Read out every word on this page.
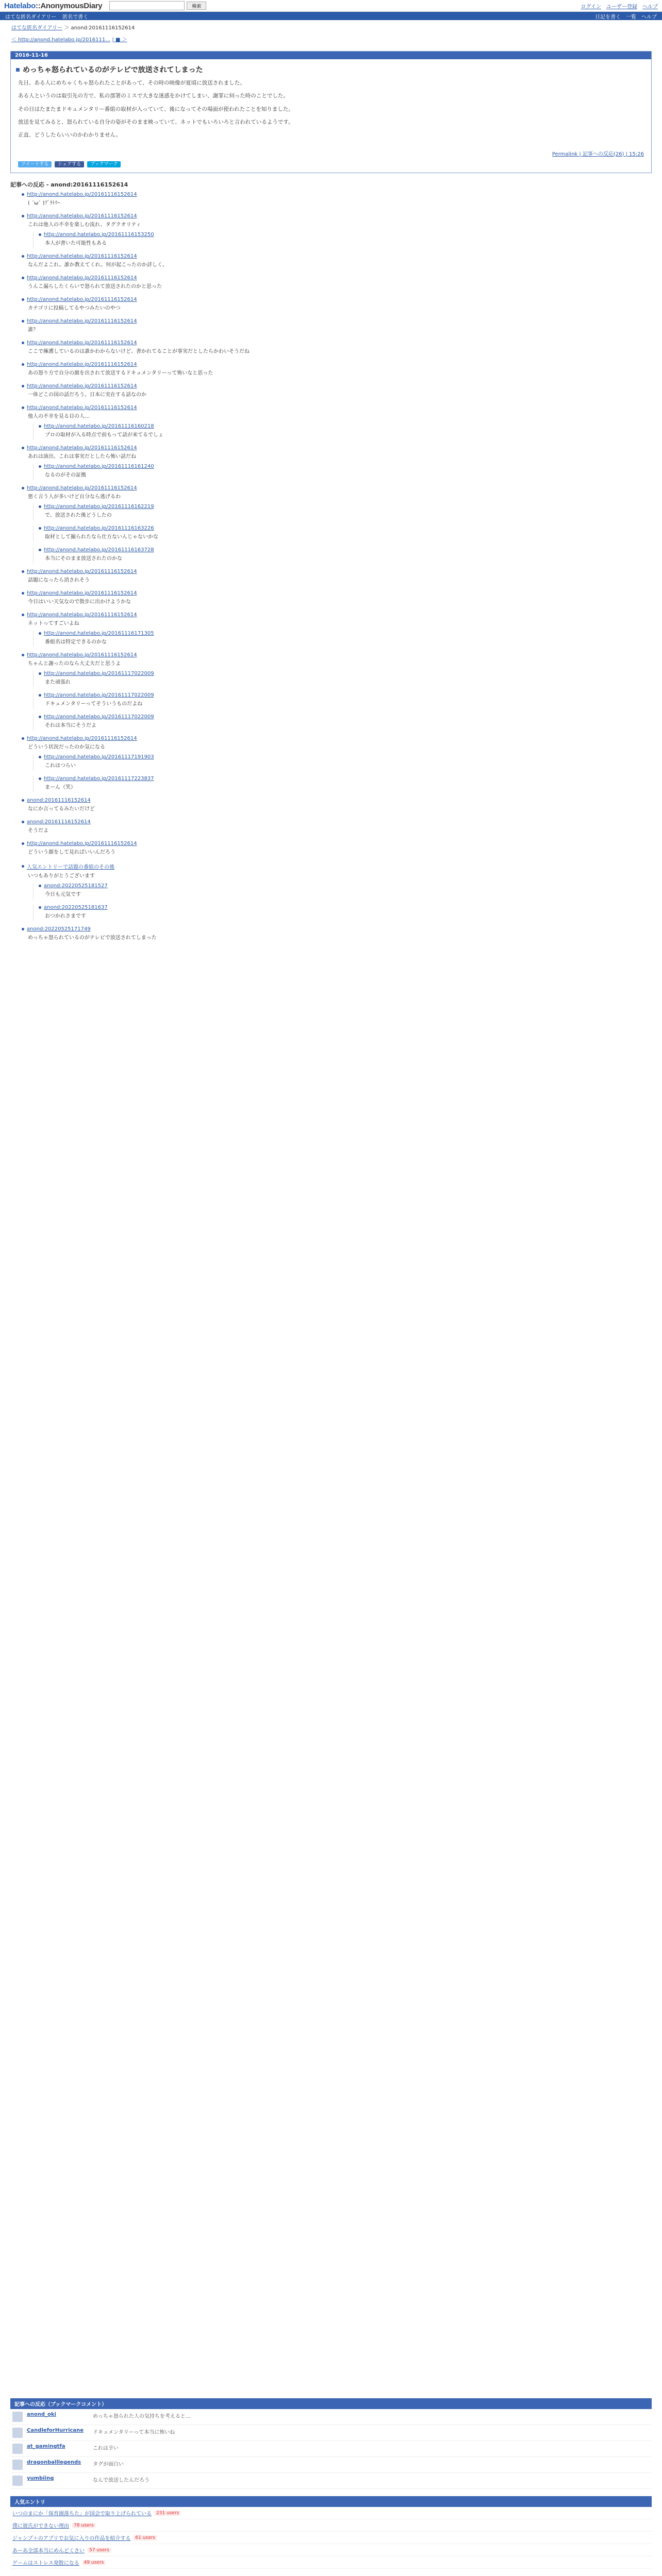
Hatelabo::AnonymousDiary	検索	ログイン ユーザー登録 ヘルプ
はてな匿名ダイアリー 匿名で書く	日記を書く 一覧 ヘルプ
はてな匿名ダイアリー ＞ anond:20161116152614
＜ http://anond.hatelabo.jp/2016111… | ■ ＞
2016-11-16
めっちゃ怒られているのがテレビで放送されてしまった

先日、ある人にめちゃくちゃ怒られたことがあって、その時の映像が夏頃に放送されました。

ある人というのは取引先の方で、私の部署のミスで大きな迷惑をかけてしまい、謝罪に伺った時のことでした。

その日はたまたまドキュメンタリー番組の取材が入っていて、後になってその場面が使われたことを知りました。

放送を見てみると、怒られている自分の姿がそのまま映っていて、ネットでもいろいろと言われているようです。

正直、どうしたらいいのかわかりません。

Permalink | 記事への反応(26) | 15:26
ツイートする	シェアする	ブックマーク
記事への反応 - anond:20161116152614
http://anond.hatelabo.jp/20161116152614
( ´ω` )ﾌﾞﾗﾄﾘｰ
http://anond.hatelabo.jp/20161116152614
これは他人の不幸を楽しむ流れ、タグクオリティ
http://anond.hatelabo.jp/20161116153250
本人が書いた可能性もある
http://anond.hatelabo.jp/20161116152614
なんだよこれ。誰か教えてくれ。何が起こったのか詳しく。
http://anond.hatelabo.jp/20161116152614
うんこ漏らしたくらいで怒られて放送されたのかと思った
http://anond.hatelabo.jp/20161116152614
カテゴリに投稿してるやつみたいのやつ
http://anond.hatelabo.jp/20161116152614
誰？
http://anond.hatelabo.jp/20161116152614
ここで擁護しているのは誰かわからないけど、書かれてることが事実だとしたらかわいそうだね
http://anond.hatelabo.jp/20161116152614
あの怒り方で自分の顔を出されて放送するドキュメンタリーって怖いなと思った
http://anond.hatelabo.jp/20161116152614
一体どこの国の話だろう。日本に実在する話なのか
http://anond.hatelabo.jp/20161116152614
他人の不幸を見る目の人…
http://anond.hatelabo.jp/20161116160218
プロの取材が入る時点で前もって話が来てるでしょ
http://anond.hatelabo.jp/20161116152614
あれは演出、これは事実だとしたら怖い話だね
http://anond.hatelabo.jp/20161116161240
なるのがその証拠
http://anond.hatelabo.jp/20161116152614
悪く言う人が多いけど自分なら逃げるわ
http://anond.hatelabo.jp/20161116162219
で、放送された後どうしたの
http://anond.hatelabo.jp/20161116163226
取材として撮られたなら仕方ないんじゃないかな
http://anond.hatelabo.jp/20161116163728
本当にそのまま放送されたのかな
http://anond.hatelabo.jp/20161116152614
話題になったら消されそう
http://anond.hatelabo.jp/20161116152614
今日はいい天気なので散歩に出かけようかな
http://anond.hatelabo.jp/20161116152614
ネットってすごいよね
http://anond.hatelabo.jp/20161116171305
番組名は特定できるのかな
http://anond.hatelabo.jp/20161116152614
ちゃんと謝ったのなら大丈夫だと思うよ
http://anond.hatelabo.jp/20161117022009
また頑張れ
http://anond.hatelabo.jp/20161117022009
ドキュメンタリーってそういうものだよね
http://anond.hatelabo.jp/20161117022009
それは本当にそうだよ
http://anond.hatelabo.jp/20161116152614
どういう状況だったのか気になる
http://anond.hatelabo.jp/20161117191903
これはつらい
http://anond.hatelabo.jp/20161117223837
まーん（笑）
anond:20161116152614
なにか言ってるみたいだけど
anond:20161116152614
そうだよ
http://anond.hatelabo.jp/20161116152614
どういう顔をして見ればいいんだろう
人気エントリーで話題の番組のその後
いつもありがとうございます
anond:20220525181527
今日も元気です
anond:20220525181637
おつかれさまです
anond:20220525171749
めっちゃ怒られているのがテレビで放送されてしまった
記事への反応（ブックマークコメント）
anond_oki	めっちゃ怒られた人の気持ちを考えると…
CandleforHurricane	ドキュメンタリーって本当に怖いね
at_gamingtfa	これは辛い
dragonballlegends	タグが面白い
yumbiing	なんで放送したんだろう
人気エントリ
いつのまにか「保育園落ちた」が国会で取り上げられている	231 users
僕に彼氏ができない理由	78 users
ジャンプ＋のアプリでお気に入りの作品を紹介する	61 users
あーあ全部本当にめんどくさい	57 users
ゲームはストレス発散になる	49 users
